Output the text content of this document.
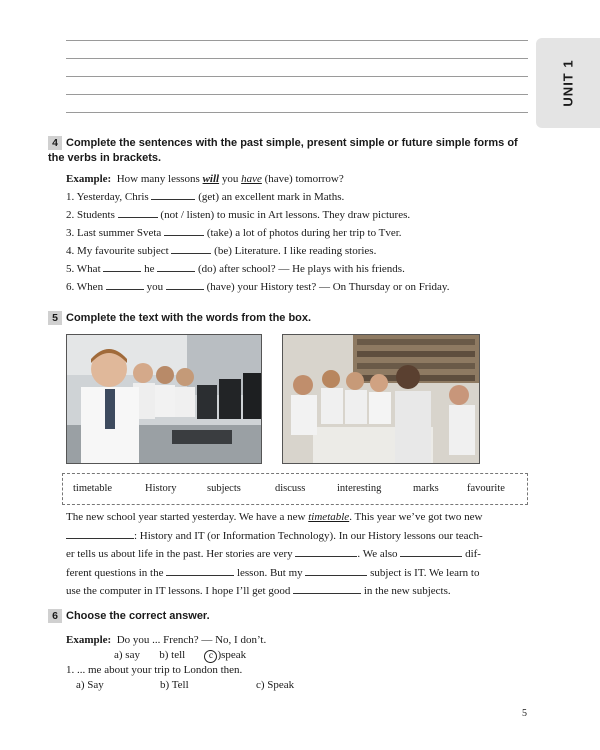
UNIT 1
4 Complete the sentences with the past simple, present simple or future simple forms of the verbs in brackets.
Example: How many lessons will you have (have) tomorrow?
1. Yesterday, Chris	(get) an excellent mark in Maths.
2. Students	(not / listen) to music in Art lessons. They draw pictures.
3. Last summer Sveta	(take) a lot of photos during her trip to Tver.
4. My favourite subject	(be) Literature. I like reading stories.
5. What	he	(do) after school? — He plays with his friends.
6. When	you	(have) your History test? — On Thursday or on Friday.
5 Complete the text with the words from the box.
timetable	History	subjects	discuss	interesting	marks	favourite
The new school year started yesterday. We have a new timetable. This year we’ve got two new
: History and IT (or Information Technology). In our History lessons our teach-
er tells us about life in the past. Her stories are very	. We also	dif-
ferent questions in the	lesson. But my	subject is IT. We learn to
use the computer in IT lessons. I hope I’ll get good	in the new subjects.
6 Choose the correct answer.
Example: Do you ... French? — No, I don’t.
a) say b) tell c )speak
1. ... me about your trip to London then.
a) Say	b) Tell	c) Speak
5
